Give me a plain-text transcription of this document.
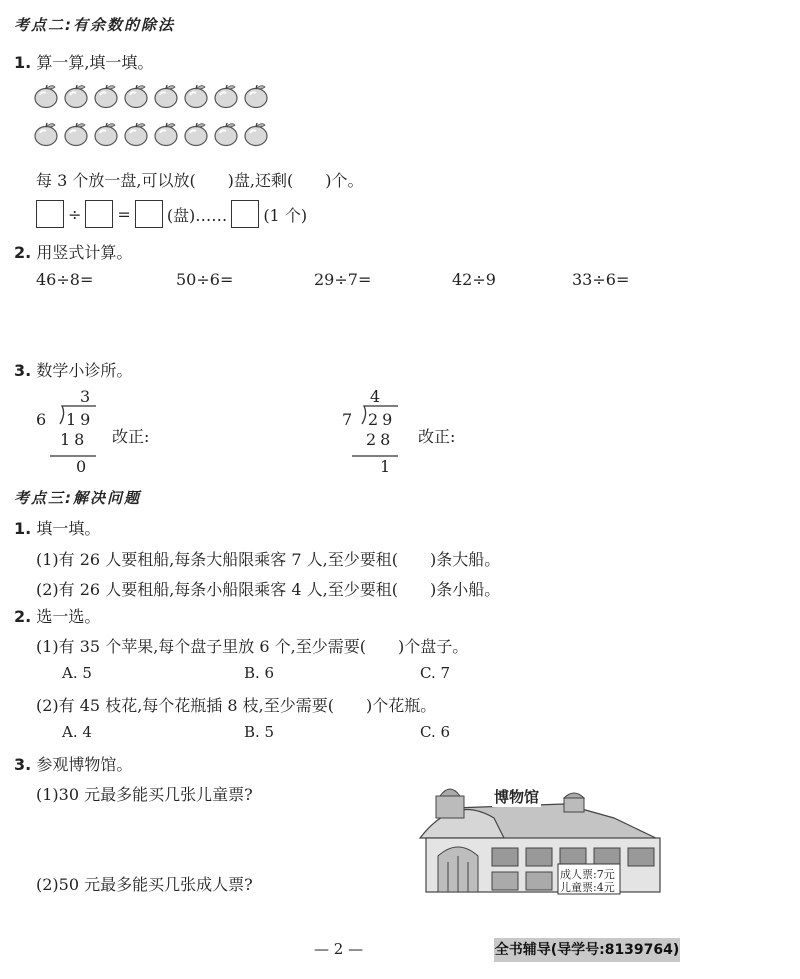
考点二:有余数的除法
1. 算一算,填一填。
每 3 个放一盘,可以放(　　)盘,还剩(　　)个。
÷ = (盘)…… (1 个)
2. 用竖式计算。
46÷8=	50÷6=	29÷7=	42÷9	33÷6=
3. 数学小诊所。
3
6 19
18
0
改正:
4
7 29
28
1
改正:
考点三:解决问题
1. 填一填。
(1)有 26 人要租船,每条大船限乘客 7 人,至少要租(　　)条大船。
(2)有 26 人要租船,每条小船限乘客 4 人,至少要租(　　)条小船。
2. 选一选。
(1)有 35 个苹果,每个盘子里放 6 个,至少需要(　　)个盘子。
A. 5	B. 6	C. 7
(2)有 45 枝花,每个花瓶插 8 枝,至少需要(　　)个花瓶。
A. 4	B. 5	C. 6
3. 参观博物馆。
(1)30 元最多能买几张儿童票?
(2)50 元最多能买几张成人票?
博物馆
成人票:7元
儿童票:4元
— 2 —	全书辅导(导学号:8139764)
